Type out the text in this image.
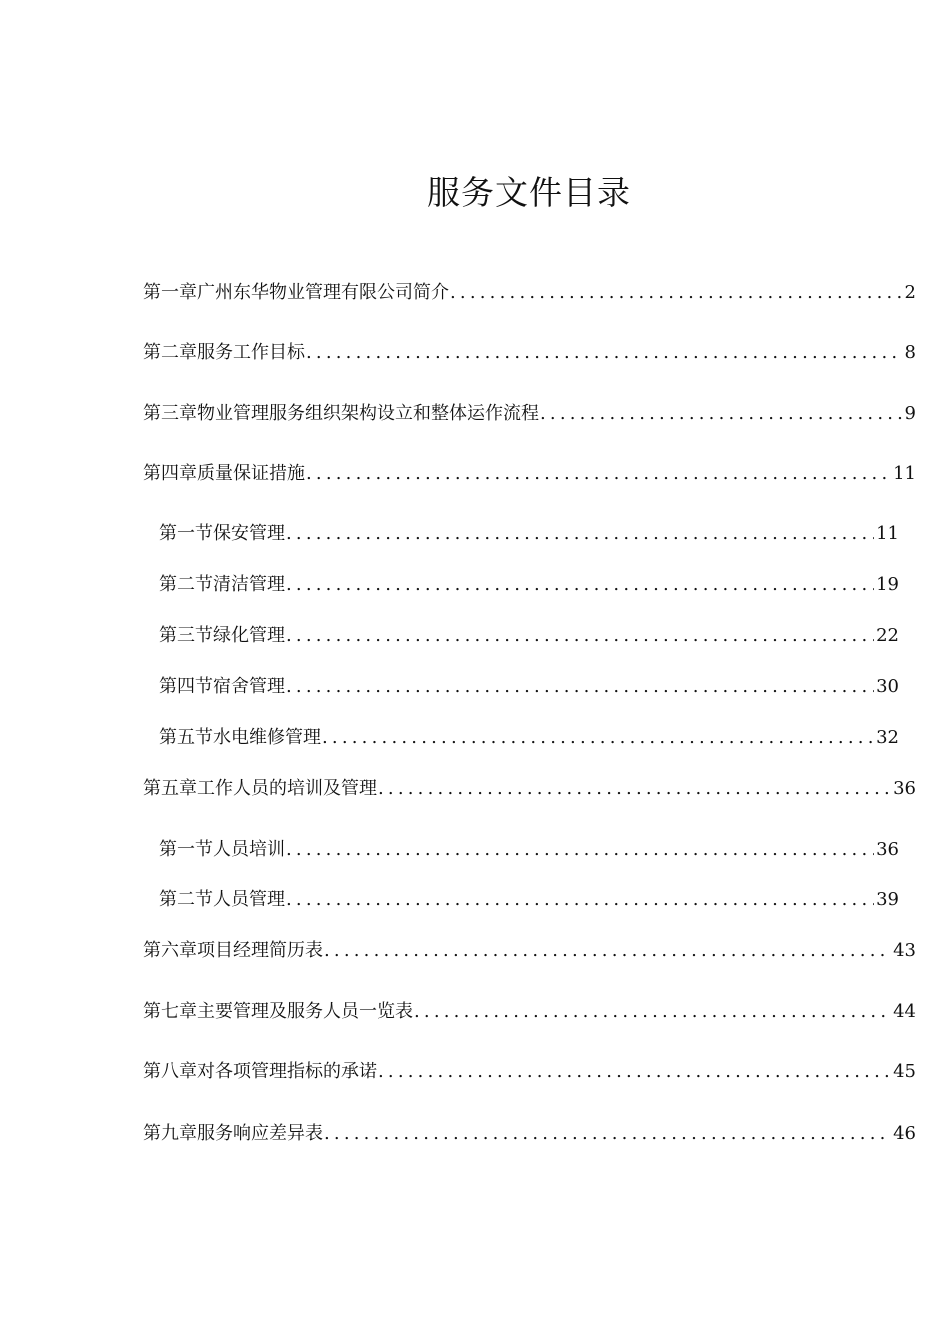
服务文件目录
第一章广州东华物业管理有限公司简介 .....	2
第二章服务工作目标 .....	8
第三章物业管理服务组织架构设立和整体运作流程 .....	9
第四章质量保证措施 .....	11
第一节保安管理 .....	11
第二节清洁管理 .....	19
第三节绿化管理 .....	22
第四节宿舍管理 .....	30
第五节水电维修管理 .....	32
第五章工作人员的培训及管理 .....	36
第一节人员培训 .....	36
第二节人员管理 .....	39
第六章项目经理简历表 .....	43
第七章主要管理及服务人员一览表 .....	44
第八章对各项管理指标的承诺 .....	45
第九章服务响应差异表 .....	46
